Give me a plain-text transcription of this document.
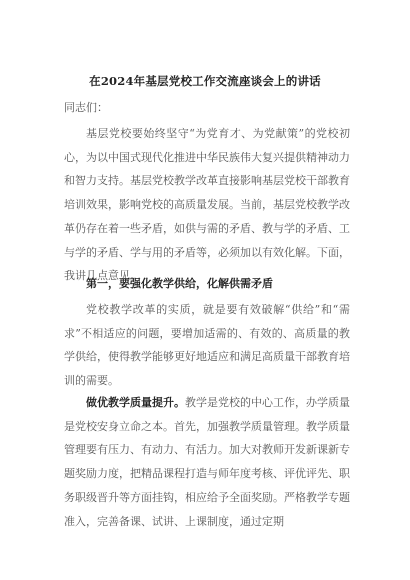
在2024年基层党校工作交流座谈会上的讲话
同志们：

基层党校要始终坚守“为党育才、为党献策”的党校初心，为以中国式现代化推进中华民族伟大复兴提供精神动力和智力支持。基层党校教学改革直接影响基层党校干部教育培训效果，影响党校的高质量发展。当前，基层党校教学改革仍存在着一些矛盾，如供与需的矛盾、教与学的矛盾、工与学的矛盾、学与用的矛盾等，必须加以有效化解。下面，我讲几点意见。

第一，要强化教学供给，化解供需矛盾

党校教学改革的实质，就是要有效破解“供给”和“需求”不相适应的问题，要增加适需的、有效的、高质量的教学供给，使得教学能够更好地适应和满足高质量干部教育培训的需要。

做优教学质量提升。教学是党校的中心工作，办学质量是党校安身立命之本。首先，加强教学质量管理。教学质量管理要有压力、有动力、有活力。加大对教师开发新课新专题奖励力度，把精品课程打造与师年度考核、评优评先、职务职级晋升等方面挂钩，相应给予全面奖励。严格教学专题准入，完善备课、试讲、上课制度，通过定期
